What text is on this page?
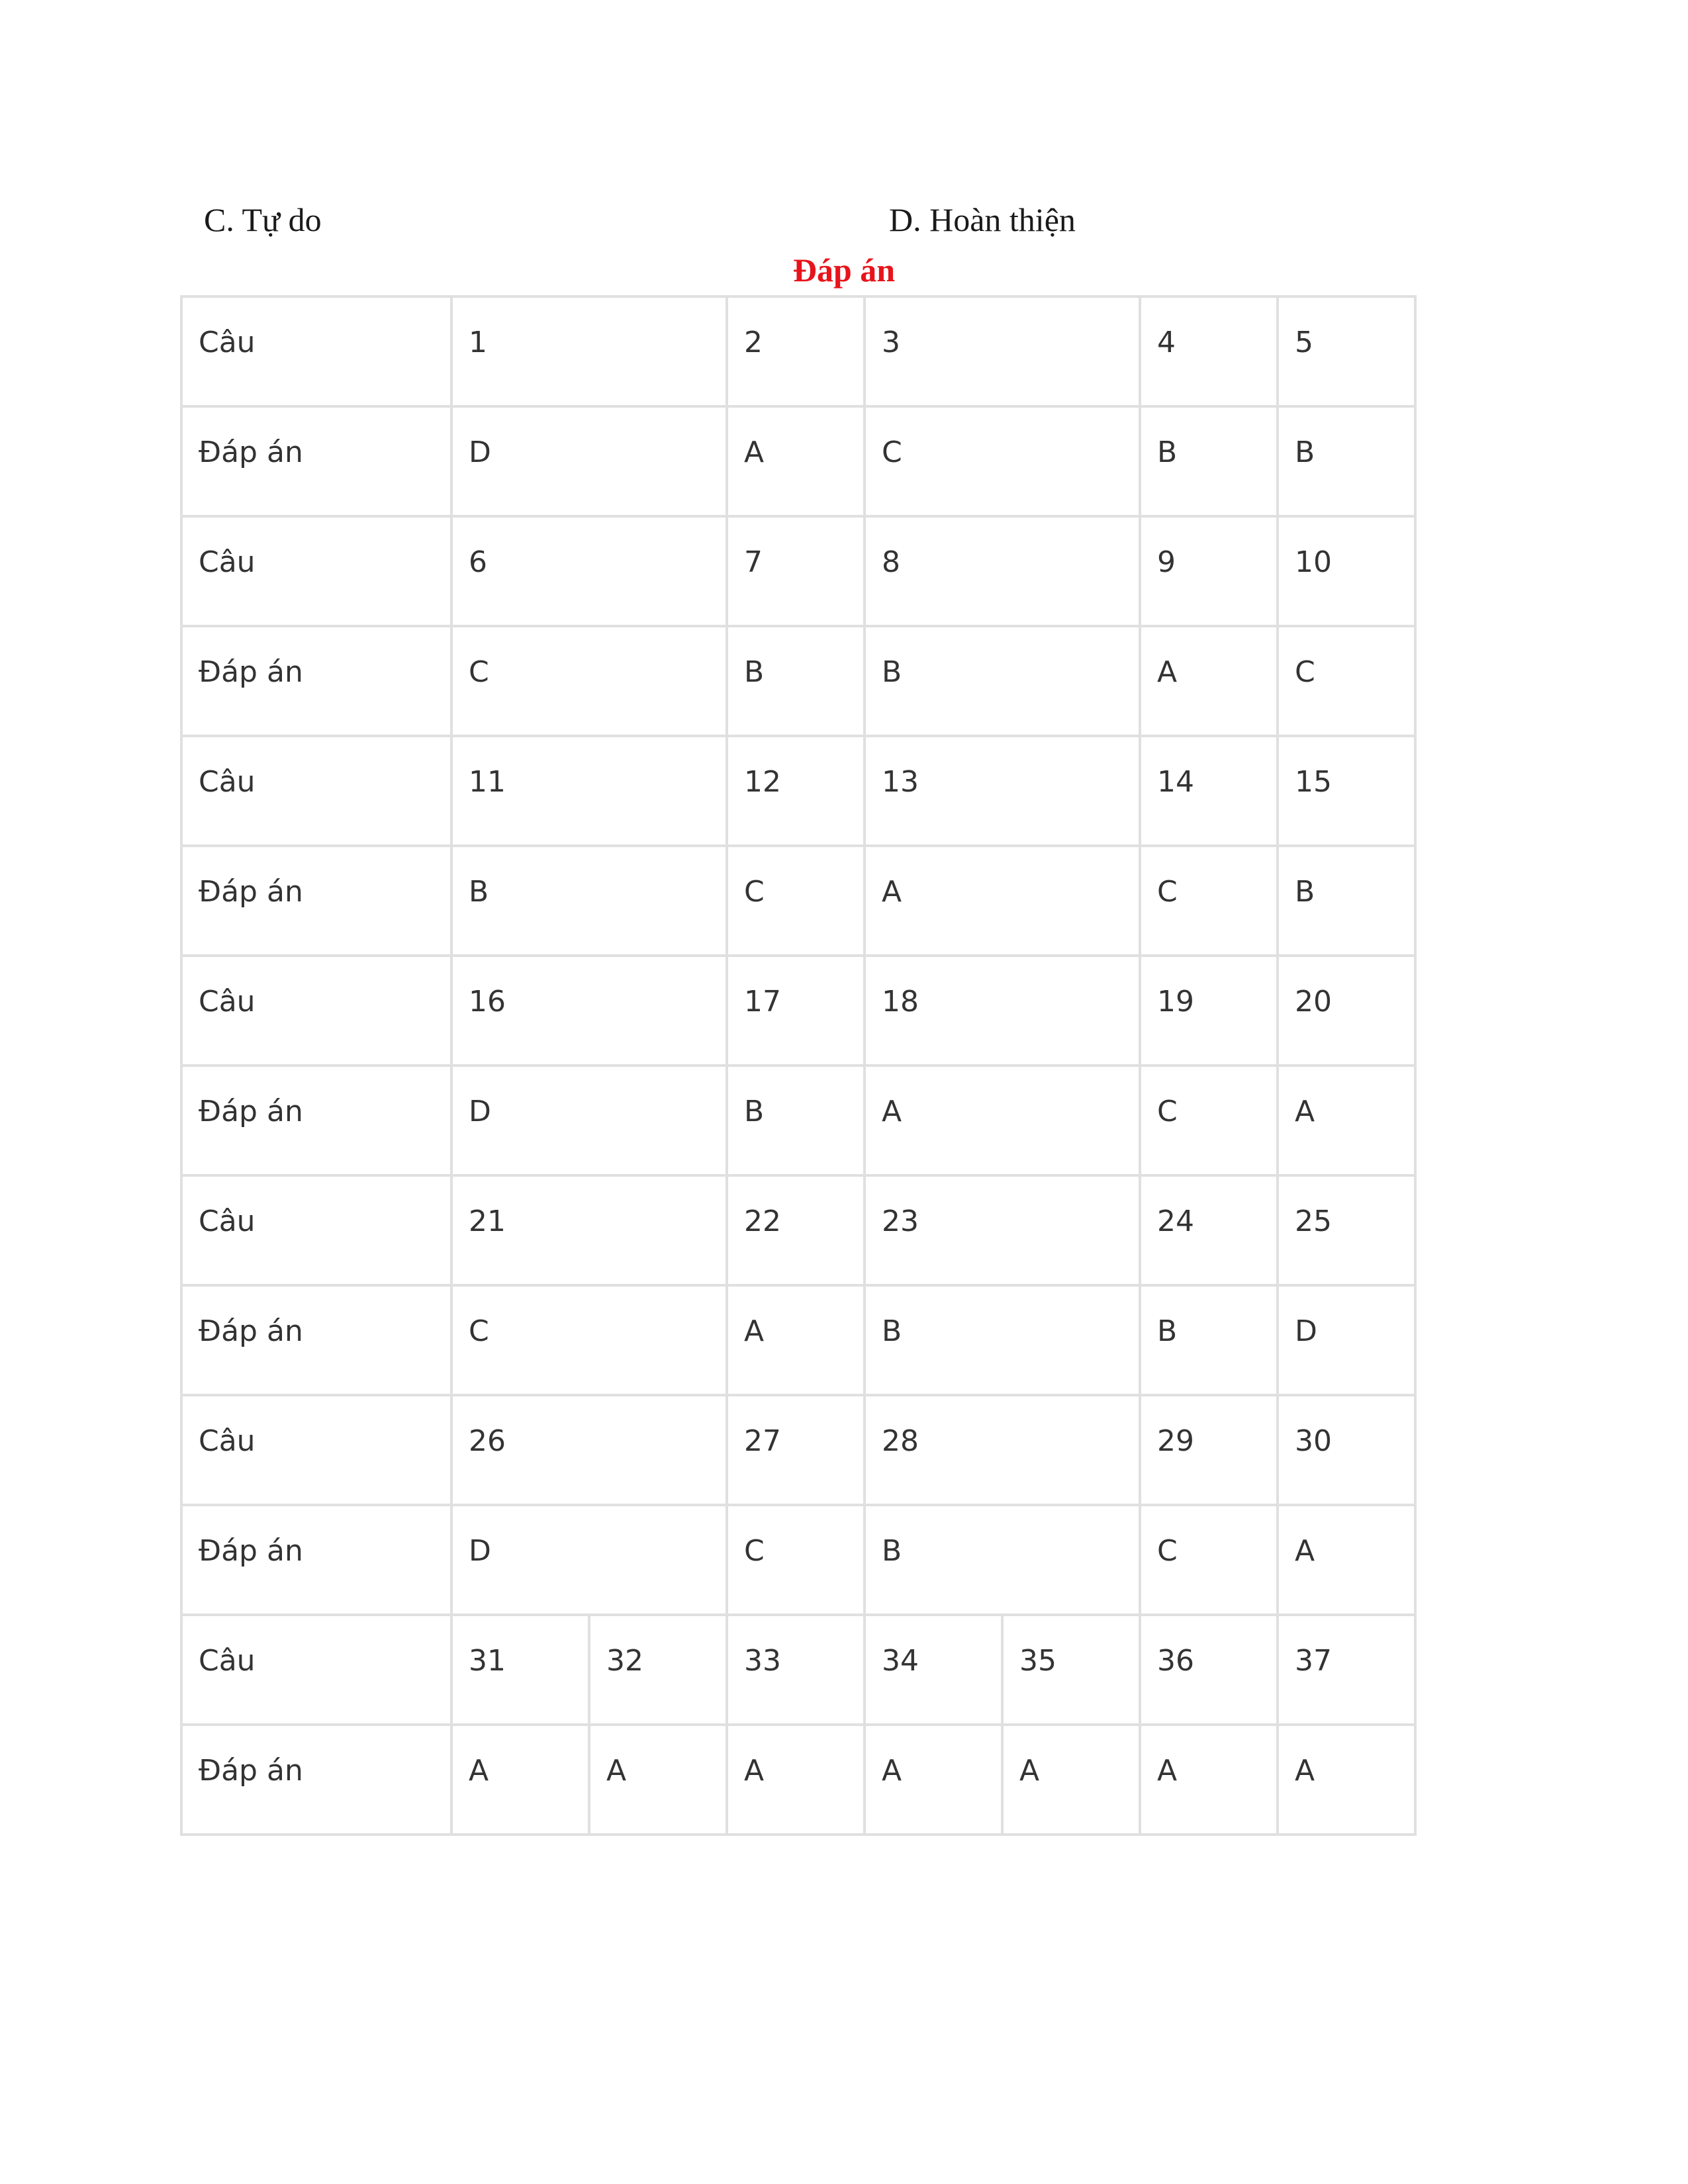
C. Tự do	D. Hoàn thiện
Đáp án
Câu	1		2	3		4	5

Đáp án	D		A	C		B	B

Câu	6		7	8		9	10

Đáp án	C		B	B		A	C

Câu	11		12	13		14	15

Đáp án	B		C	A		C	B

Câu	16		17	18		19	20

Đáp án	D		B	A		C	A

Câu	21		22	23		24	25

Đáp án	C		A	B		B	D

Câu	26		27	28		29	30

Đáp án	D		C	B		C	A

Câu	31	32	33	34	35	36	37

Đáp án	A	A	A	A	A	A	A
